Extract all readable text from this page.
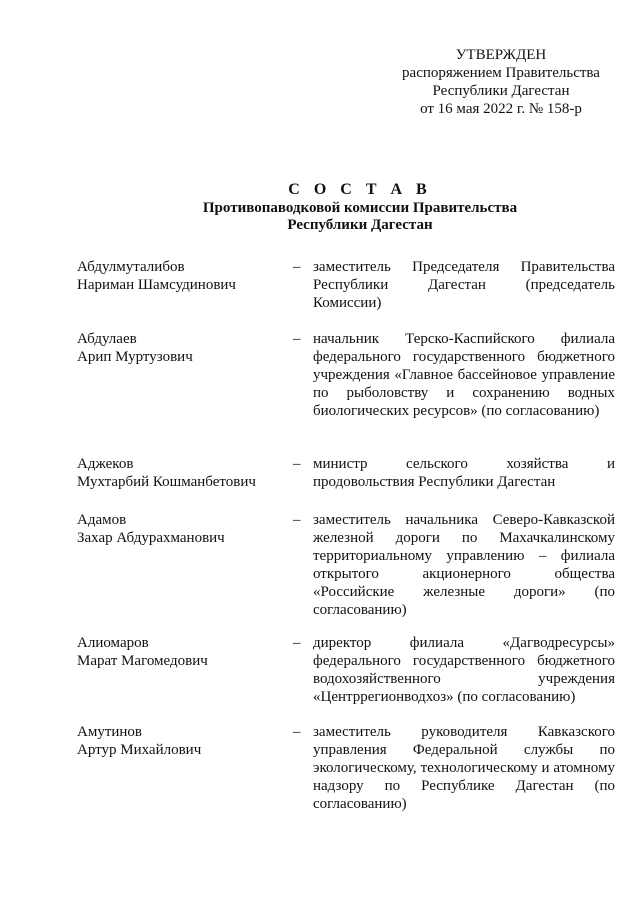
УТВЕРЖДЕН
распоряжением Правительства
Республики Дагестан
от 16 мая 2022 г. № 158-р
С О С Т А В
Противопаводковой комиссии Правительства
Республики Дагестан
Абдулмуталибов
Нариман Шамсудинович
– заместитель Председателя Правительства Республики Дагестан (председатель Комиссии)
Абдулаев
Арип Муртузович
– начальник Терско-Каспийского филиала федерального государственного бюджетного учреждения «Главное бассейновое управление по рыболовству и сохранению водных биологических ресурсов» (по согласованию)
Аджеков
Мухтарбий Кошманбетович
– министр сельского хозяйства и продовольствия Республики Дагестан
Адамов
Захар Абдурахманович
– заместитель начальника Северо-Кавказской железной дороги по Махачкалинскому территориальному управлению – филиала открытого акционерного общества «Российские железные дороги» (по согласованию)
Алиомаров
Марат Магомедович
– директор филиала «Дагводресурсы» федерального государственного бюджетного водохозяйственного учреждения «Центррегионводхоз» (по согласованию)
Амутинов
Артур Михайлович
– заместитель руководителя Кавказского управления Федеральной службы по экологическому, технологическому и атомному надзору по Республике Дагестан (по согласованию)
